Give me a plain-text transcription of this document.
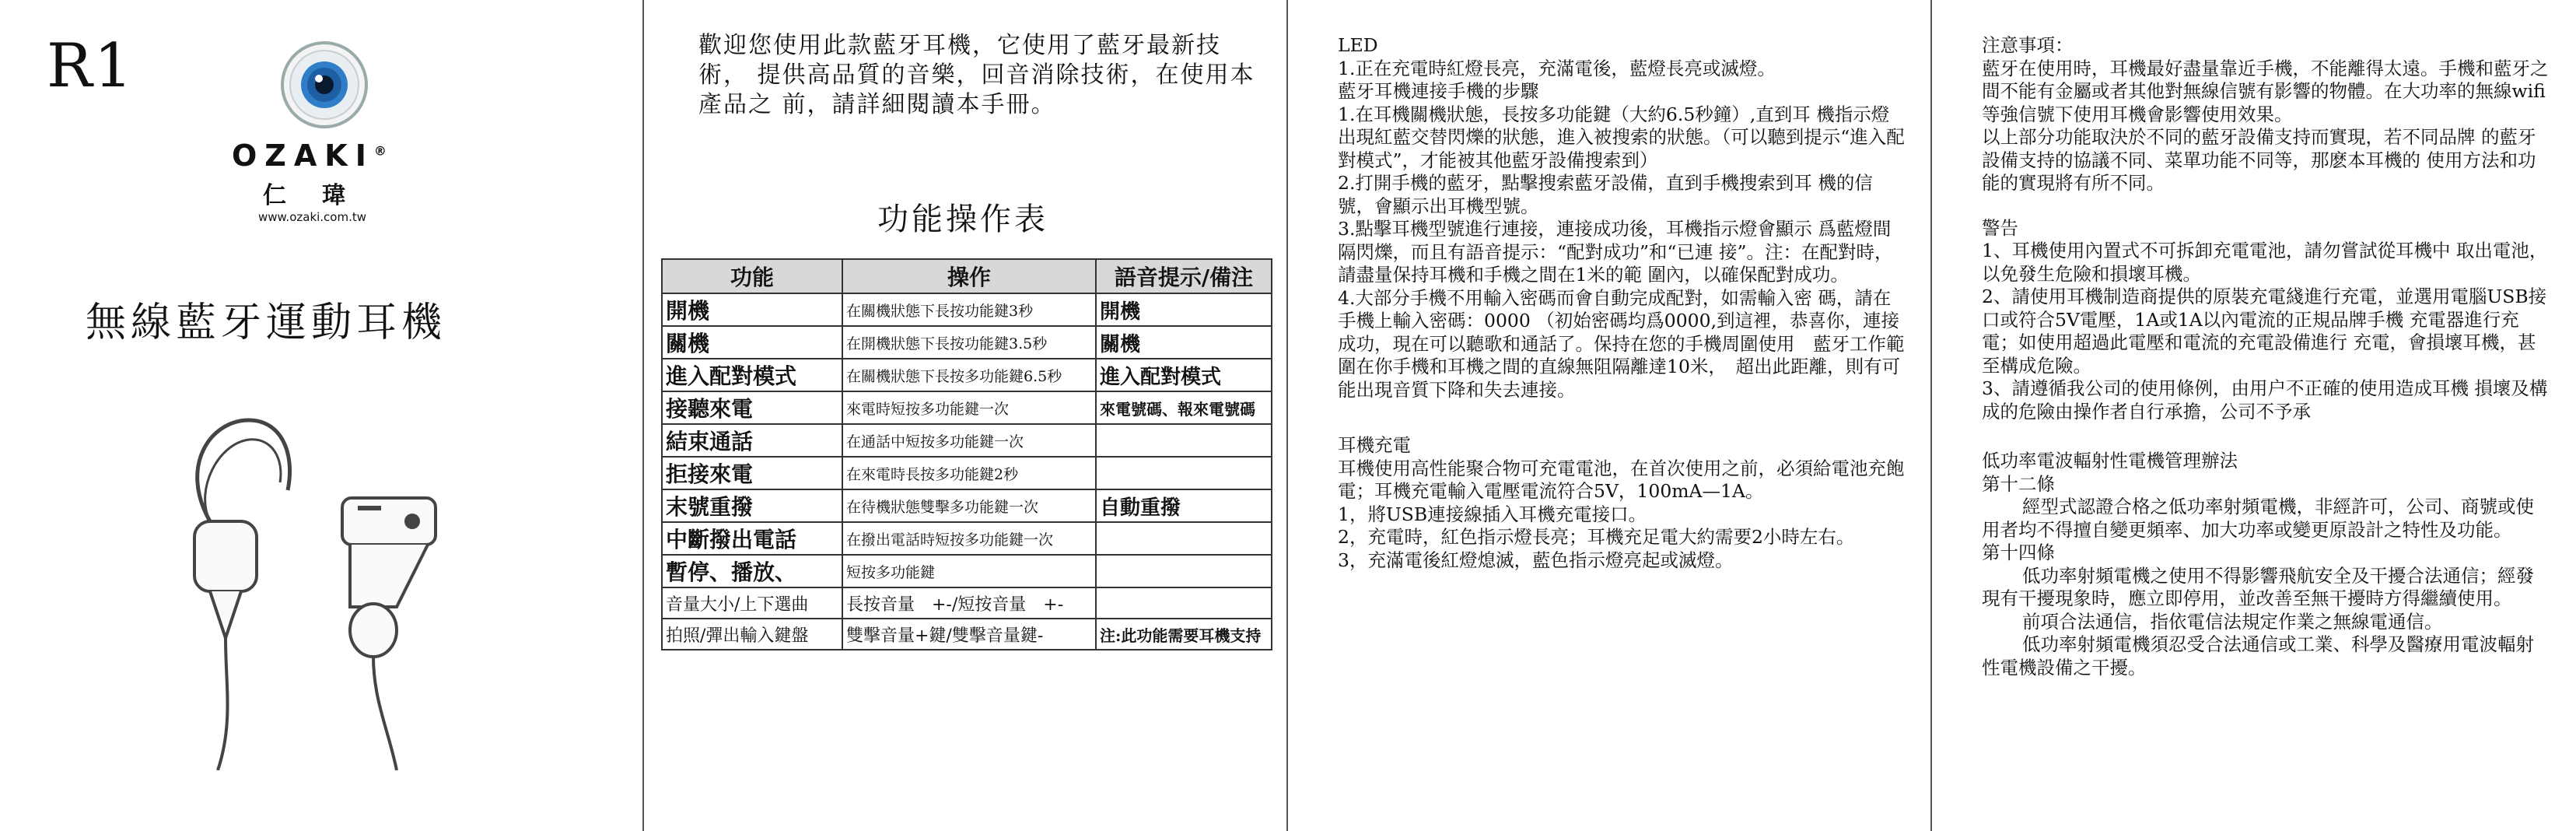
R1
OZAKI®
仁瑋
www.ozaki.com.tw
無線藍牙運動耳機
歡迎您使用此款藍牙耳機，它使用了藍牙最新技術， 提供高品質的音樂，回音消除技術，在使用本產品之 前，請詳細閱讀本手冊。
功能操作表
功能	操作	語音提示/備注
開機	在關機狀態下長按功能鍵3秒	開機
關機	在開機狀態下長按功能鍵3.5秒	關機
進入配對模式	在關機狀態下長按多功能鍵6.5秒	進入配對模式
接聽來電	來電時短按多功能鍵一次	來電號碼、報來電號碼
結束通話	在通話中短按多功能鍵一次	
拒接來電	在來電時長按多功能鍵2秒	
末號重撥	在待機狀態雙擊多功能鍵一次	自動重撥
中斷撥出電話	在撥出電話時短按多功能鍵一次	
暫停、播放、	短按多功能鍵	
音量大小/上下選曲	長按音量　+-/短按音量　+-	
拍照/彈出輸入鍵盤	雙擊音量+鍵/雙擊音量鍵-	注:此功能需要耳機支持

LED

1.正在充電時紅燈長亮，充滿電後，藍燈長亮或滅燈。

藍牙耳機連接手機的步驟

1.在耳機關機狀態，長按多功能鍵（大約6.5秒鐘）,直到耳 機指示燈出現紅藍交替閃爍的狀態，進入被搜索的狀態。（可以聽到提示“進入配對模式”，才能被其他藍牙設備搜索到）

2.打開手機的藍牙，點擊搜索藍牙設備，直到手機搜索到耳 機的信號，會顯示出耳機型號。

3.點擊耳機型號進行連接，連接成功後，耳機指示燈會顯示 爲藍燈間隔閃爍，而且有語音提示：“配對成功”和“已連 接”。注：在配對時，請盡量保持耳機和手機之間在1米的範 圍內，以確保配對成功。

4.大部分手機不用輸入密碼而會自動完成配對，如需輸入密 碼，請在手機上輸入密碼：0000 （初始密碼均爲0000,到這裡，恭喜你，連接成功，現在可以聽歌和通話了。保持在您的手機周圍使用　藍牙工作範圍在你手機和耳機之間的直線無阻隔離達10米，　超出此距離，則有可能出現音質下降和失去連接。

耳機充電

耳機使用高性能聚合物可充電電池，在首次使用之前，必須給電池充飽電；耳機充電輸入電壓電流符合5V，100mA—1A。

1，將USB連接線插入耳機充電接口。

2，充電時，紅色指示燈長亮；耳機充足電大約需要2小時左右。

3，充滿電後紅燈熄滅，藍色指示燈亮起或滅燈。

注意事項：

藍牙在使用時，耳機最好盡量靠近手機，不能離得太遠。手機和藍牙之間不能有金屬或者其他對無線信號有影響的物體。在大功率的無線wifi等強信號下使用耳機會影響使用效果。

以上部分功能取決於不同的藍牙設備支持而實現，若不同品牌 的藍牙設備支持的協議不同、菜單功能不同等，那麽本耳機的 使用方法和功能的實現將有所不同。

警告

1、耳機使用內置式不可拆卸充電電池，請勿嘗試從耳機中 取出電池，以免發生危險和損壞耳機。

2、請使用耳機制造商提供的原裝充電綫進行充電，並選用電腦USB接口或符合5V電壓，1A或1A以內電流的正規品牌手機 充電器進行充電；如使用超過此電壓和電流的充電設備進行 充電，會損壞耳機，甚至構成危險。

3、請遵循我公司的使用條例，由用户不正確的使用造成耳機 損壞及構成的危險由操作者自行承擔，公司不予承

低功率電波輻射性電機管理辦法

第十二條

經型式認證合格之低功率射頻電機，非經許可，公司、商號或使用者均不得擅自變更頻率、加大功率或變更原設計之特性及功能。

第十四條

低功率射頻電機之使用不得影響飛航安全及干擾合法通信；經發現有干擾現象時，應立即停用，並改善至無干擾時方得繼續使用。

前項合法通信，指依電信法規定作業之無線電通信。

低功率射頻電機須忍受合法通信或工業、科學及醫療用電波輻射性電機設備之干擾。
